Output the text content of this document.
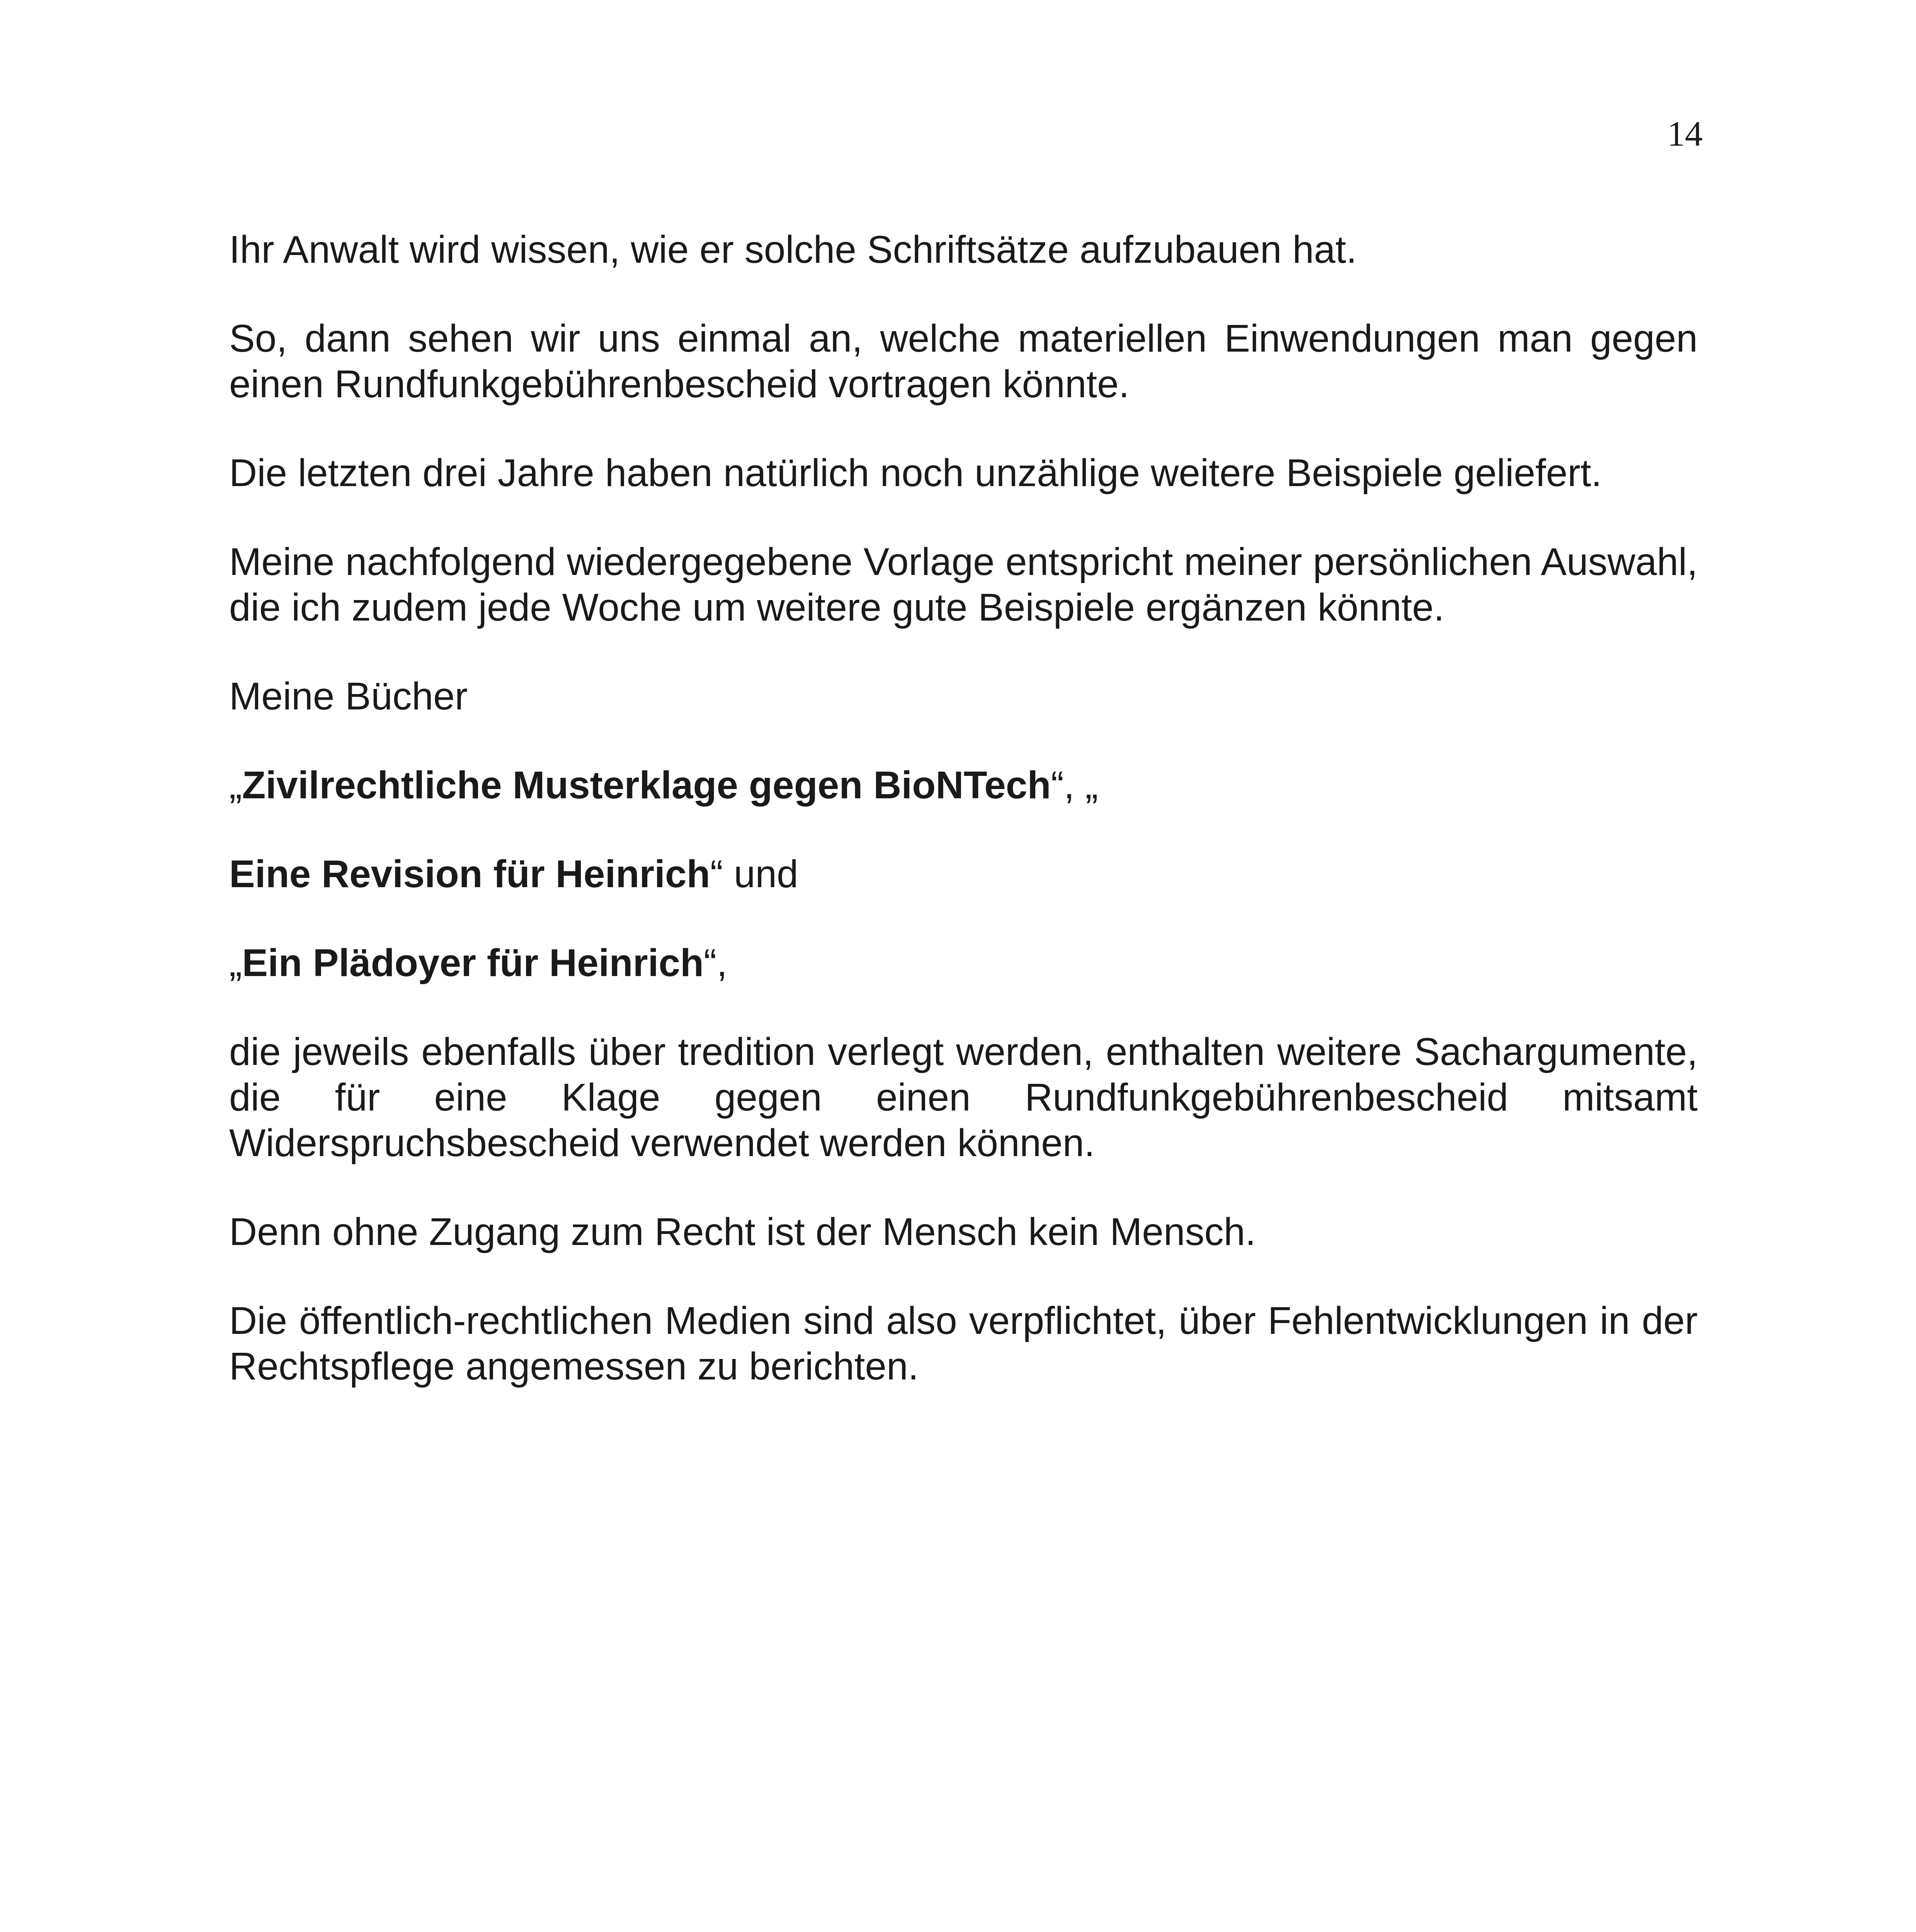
14

Ihr Anwalt wird wissen, wie er solche Schriftsätze aufzubauen hat.

So, dann sehen wir uns einmal an, welche materiellen Einwendungen man gegen einen Rundfunkgebührenbescheid vortragen könnte.

Die letzten drei Jahre haben natürlich noch unzählige weitere Beispiele geliefert.

Meine nachfolgend wiedergegebene Vorlage entspricht meiner persönlichen Auswahl, die ich zudem jede Woche um weitere gute Beispiele ergänzen könnte.

Meine Bücher

„Zivilrechtliche Musterklage gegen BioNTech“, „

Eine Revision für Heinrich“ und

„Ein Plädoyer für Heinrich“,

die jeweils ebenfalls über tredition verlegt werden, enthalten weitere Sachargumente, die für eine Klage gegen einen Rundfunkgebührenbescheid mitsamt Widerspruchsbescheid verwendet werden können.

Denn ohne Zugang zum Recht ist der Mensch kein Mensch.

Die öffentlich-rechtlichen Medien sind also verpflichtet, über Fehlentwicklungen in der Rechtspflege angemessen zu berichten.
